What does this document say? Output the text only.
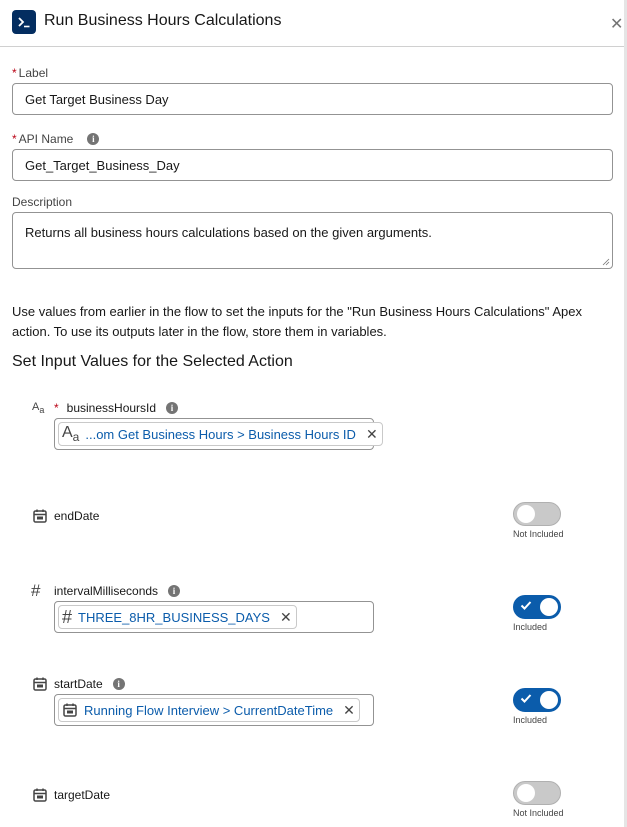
Run Business Hours Calculations	✕
* Label
Get Target Business Day
* API Name	i
Get_Target_Business_Day
Description
Returns all business hours calculations based on the given arguments.
Use values from earlier in the flow to set the inputs for the "Run Business Hours Calculations" Apex action. To use its outputs later in the flow, store them in variables.
Set Input Values for the Selected Action
$A_a$ * businessHoursId	i
$A_a$ ...om Get Business Hours > Business Hours ID ✕
endDate
Not Included
#	intervalMilliseconds	i
# THREE_8HR_BUSINESS_DAYS ✕
Included
startDate	i
Running Flow Interview > CurrentDateTime ✕
Included
targetDate
Not Included
